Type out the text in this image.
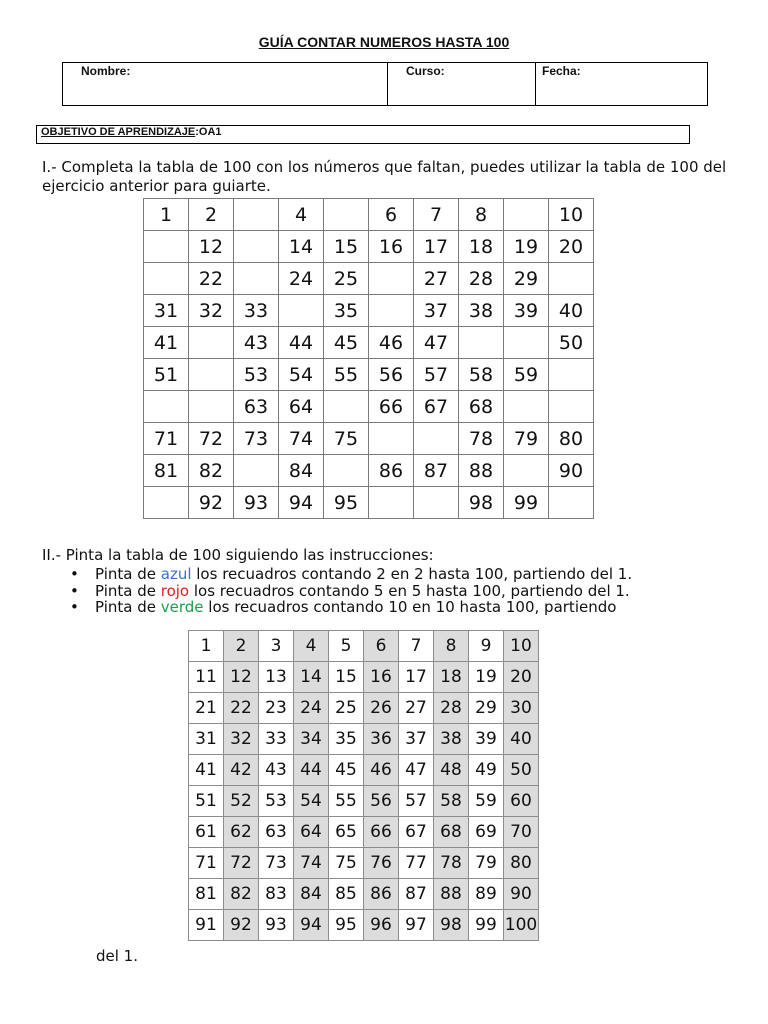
GUÍA CONTAR NUMEROS HASTA 100
Nombre:	Curso:	Fecha:
OBJETIVO DE APRENDIZAJE:OA1
I.- Completa la tabla de 100 con los números que faltan, puedes utilizar la tabla de 100 del ejercicio anterior para guiarte.
1	2		4		6	7	8		10
	12		14	15	16	17	18	19	20
	22		24	25		27	28	29	
31	32	33		35		37	38	39	40
41		43	44	45	46	47			50
51		53	54	55	56	57	58	59	
		63	64		66	67	68		
71	72	73	74	75			78	79	80
81	82		84		86	87	88		90
	92	93	94	95			98	99	
II.- Pinta la tabla de 100 siguiendo las instrucciones:
• Pinta de azul los recuadros contando 2 en 2 hasta 100, partiendo del 1.
• Pinta de rojo los recuadros contando 5 en 5 hasta 100, partiendo del 1.
• Pinta de verde los recuadros contando 10 en 10 hasta 100, partiendo
1	2	3	4	5	6	7	8	9	10
11	12	13	14	15	16	17	18	19	20
21	22	23	24	25	26	27	28	29	30
31	32	33	34	35	36	37	38	39	40
41	42	43	44	45	46	47	48	49	50
51	52	53	54	55	56	57	58	59	60
61	62	63	64	65	66	67	68	69	70
71	72	73	74	75	76	77	78	79	80
81	82	83	84	85	86	87	88	89	90
91	92	93	94	95	96	97	98	99	100
del 1.
